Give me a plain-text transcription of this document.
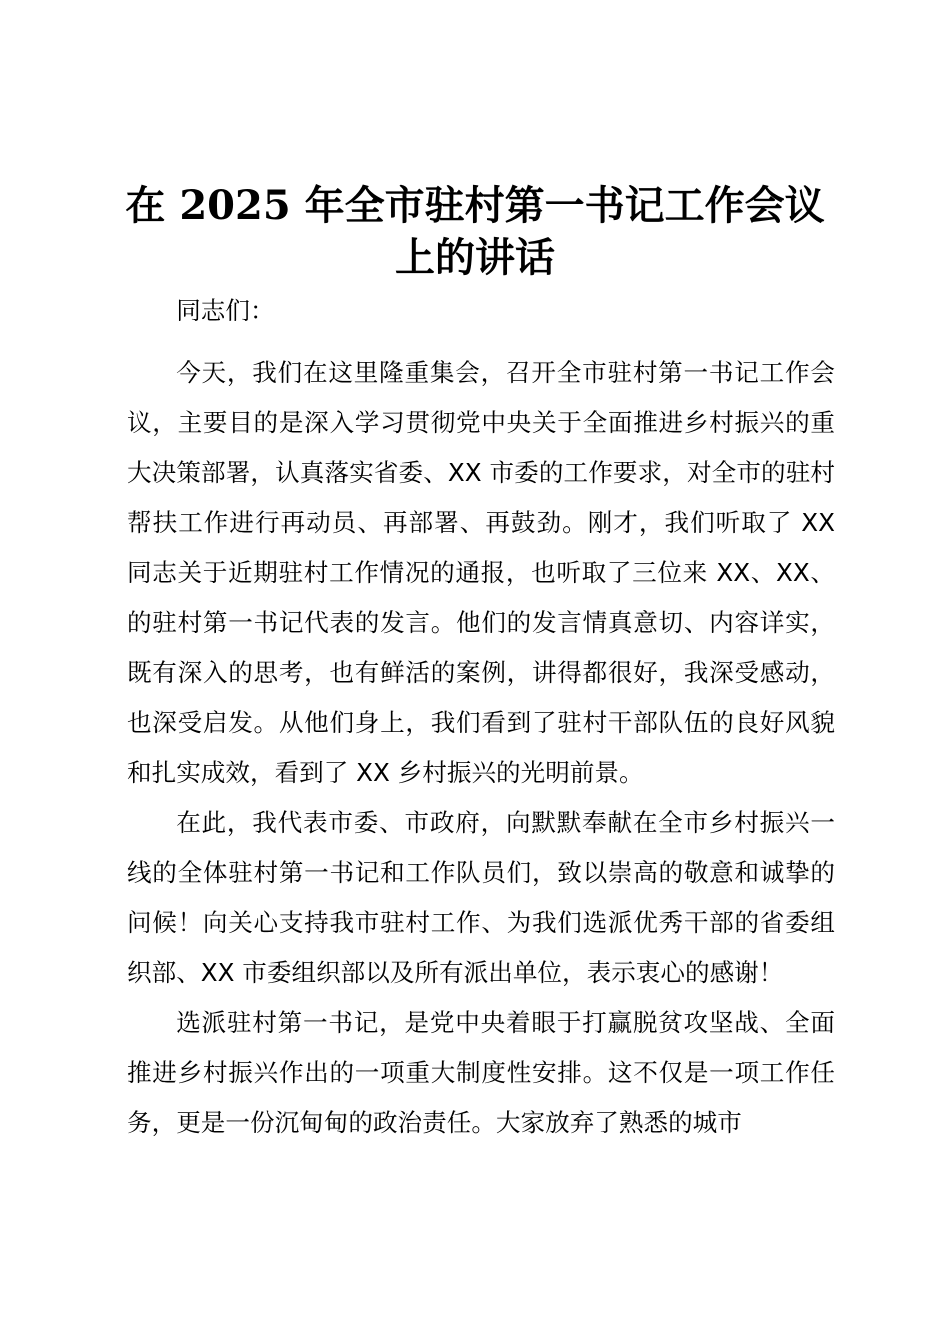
在 2025 年全市驻村第一书记工作会议
上的讲话

同志们：

今天，我们在这里隆重集会，召开全市驻村第一书记工作会议，主要目的是深入学习贯彻党中央关于全面推进乡村振兴的重大决策部署，认真落实省委、XX 市委的工作要求，对全市的驻村帮扶工作进行再动员、再部署、再鼓劲。刚才，我们听取了 XX 同志关于近期驻村工作情况的通报，也听取了三位来 XX、XX、的驻村第一书记代表的发言。他们的发言情真意切、内容详实，既有深入的思考，也有鲜活的案例，讲得都很好，我深受感动，也深受启发。从他们身上，我们看到了驻村干部队伍的良好风貌和扎实成效，看到了 XX 乡村振兴的光明前景。

在此，我代表市委、市政府，向默默奉献在全市乡村振兴一线的全体驻村第一书记和工作队员们，致以崇高的敬意和诚挚的问候！向关心支持我市驻村工作、为我们选派优秀干部的省委组织部、XX 市委组织部以及所有派出单位，表示衷心的感谢！

选派驻村第一书记，是党中央着眼于打赢脱贫攻坚战、全面推进乡村振兴作出的一项重大制度性安排。这不仅是一项工作任务，更是一份沉甸甸的政治责任。大家放弃了熟悉的城市
